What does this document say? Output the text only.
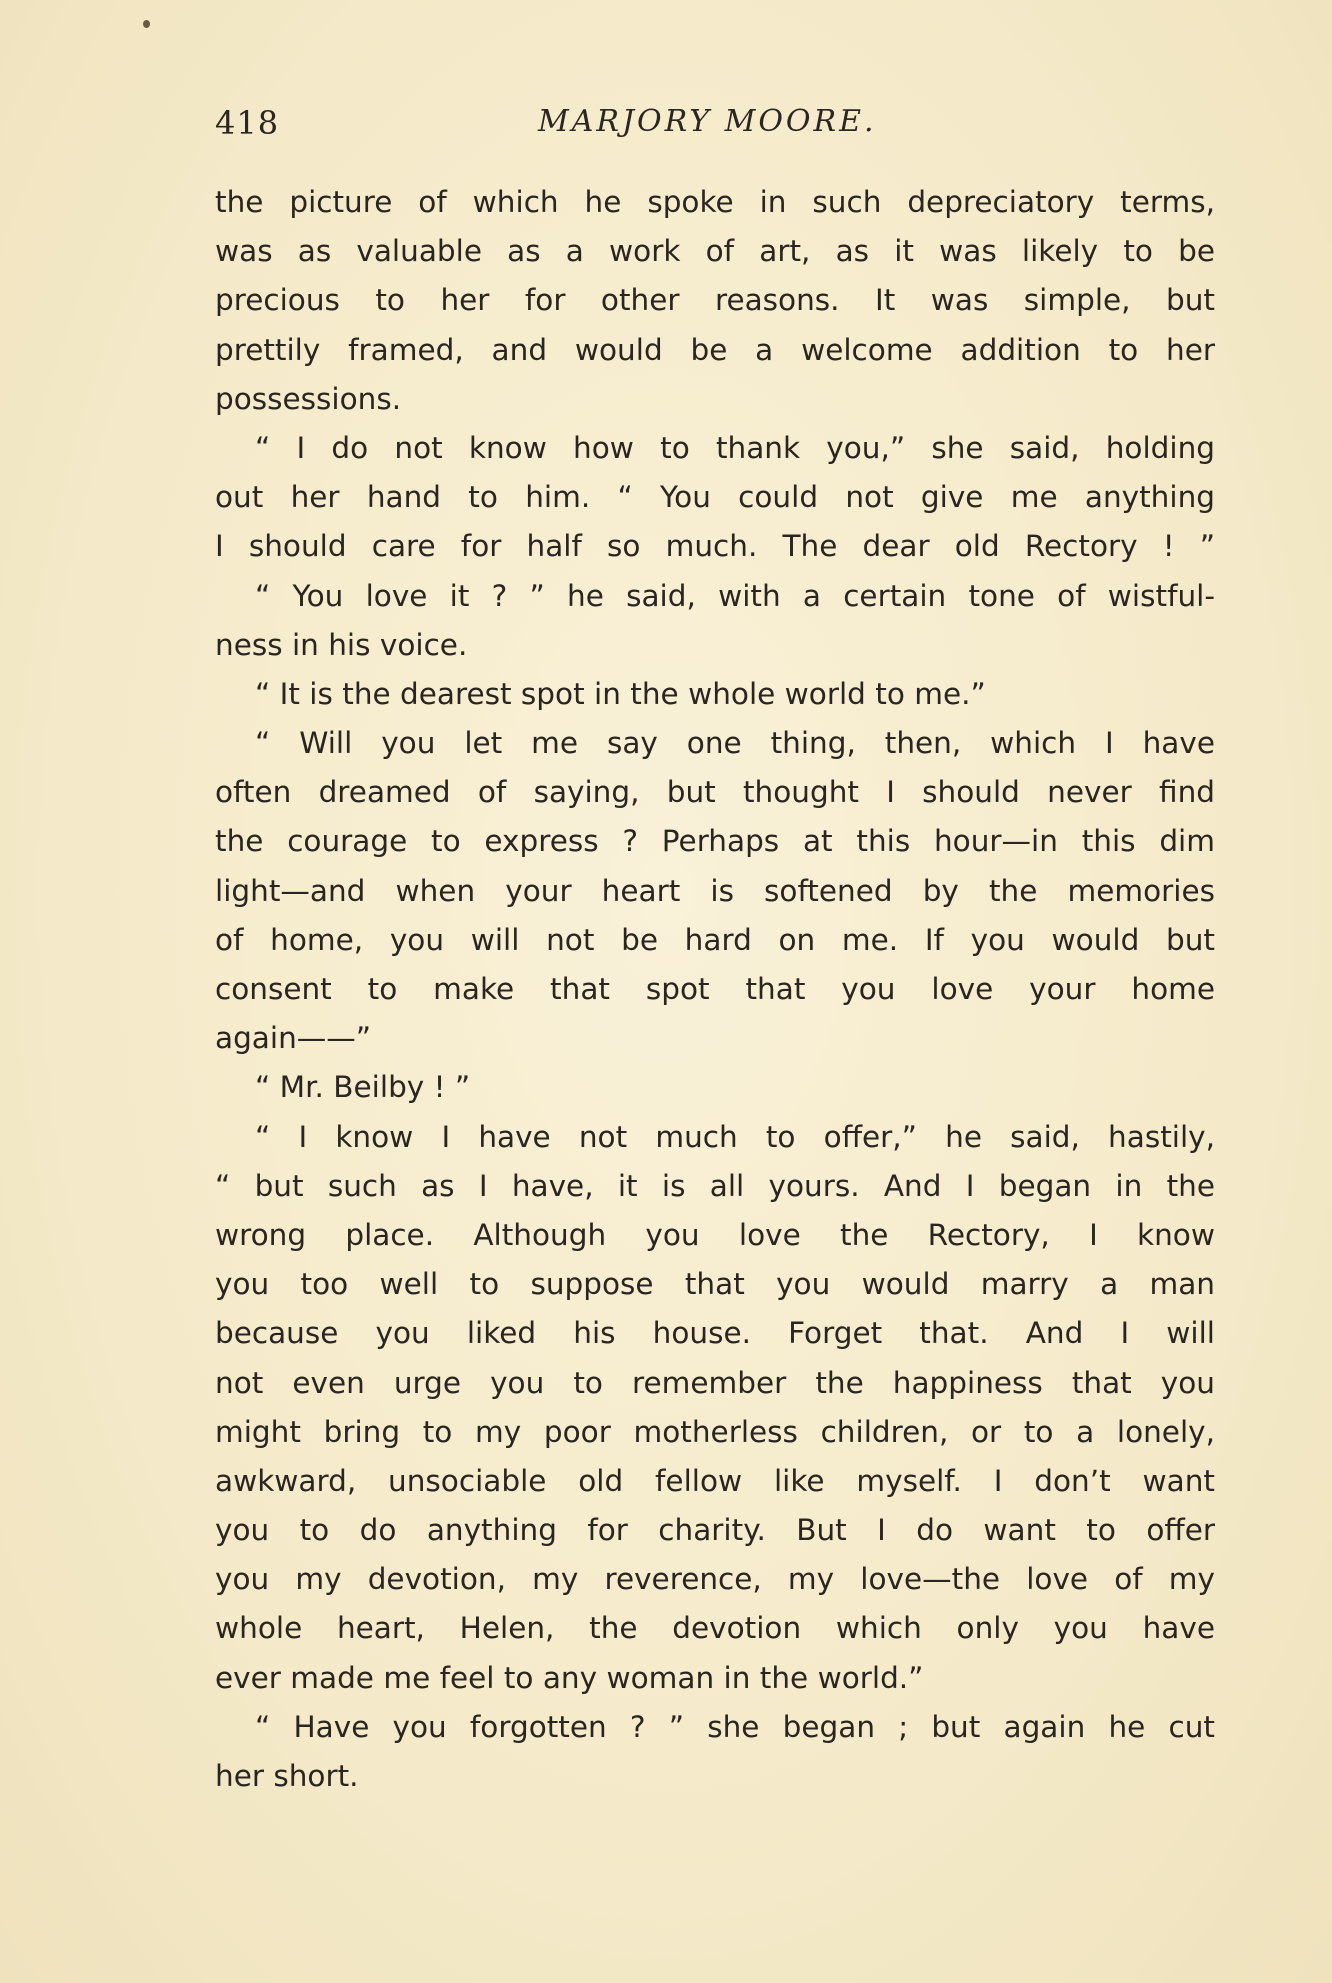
418	MARJORY MOORE.
the picture of which he spoke in such depreciatory terms,
was as valuable as a work of art, as it was likely to be
precious to her for other reasons. It was simple, but
prettily framed, and would be a welcome addition to her
possessions.
“ I do not know how to thank you,” she said, holding
out her hand to him. “ You could not give me anything
I should care for half so much. The dear old Rectory ! ”
“ You love it ? ” he said, with a certain tone of wistful-
ness in his voice.
“ It is the dearest spot in the whole world to me.”
“ Will you let me say one thing, then, which I have
often dreamed of saying, but thought I should never find
the courage to express ? Perhaps at this hour—in this dim
light—and when your heart is softened by the memories
of home, you will not be hard on me. If you would but
consent to make that spot that you love your home
again——”
“ Mr. Beilby ! ”
“ I know I have not much to offer,” he said, hastily,
“ but such as I have, it is all yours. And I began in the
wrong place. Although you love the Rectory, I know
you too well to suppose that you would marry a man
because you liked his house. Forget that. And I will
not even urge you to remember the happiness that you
might bring to my poor motherless children, or to a lonely,
awkward, unsociable old fellow like myself. I don’t want
you to do anything for charity. But I do want to offer
you my devotion, my reverence, my love—the love of my
whole heart, Helen, the devotion which only you have
ever made me feel to any woman in the world.”
“ Have you forgotten ? ” she began ; but again he cut
her short.
